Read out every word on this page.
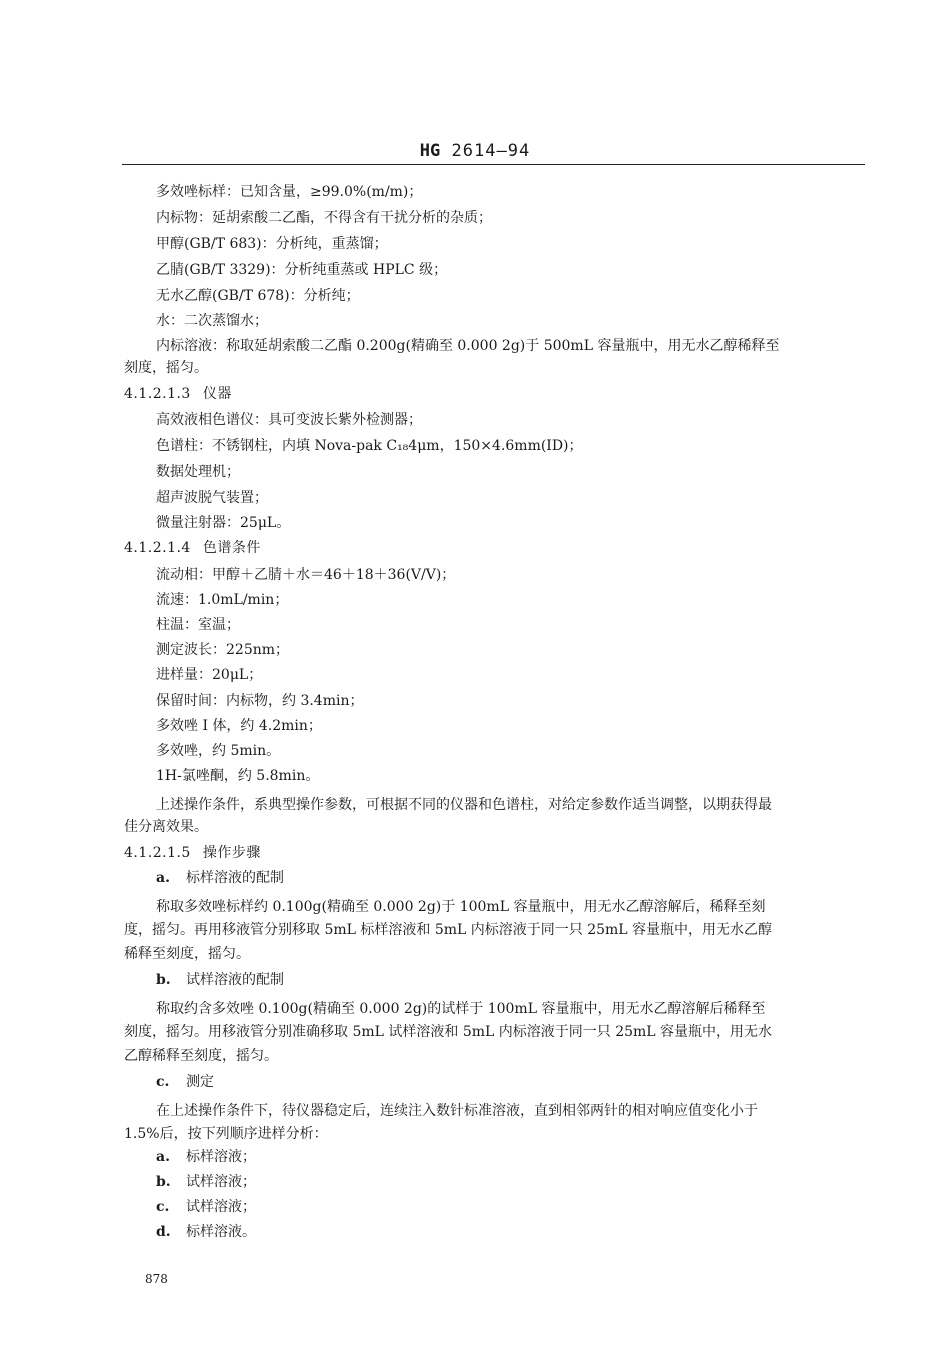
HG 2614—94
多效唑标样：已知含量，≥99.0%(m/m)；
内标物：延胡索酸二乙酯，不得含有干扰分析的杂质；
甲醇(GB/T 683)：分析纯，重蒸馏；
乙腈(GB/T 3329)：分析纯重蒸或 HPLC 级；
无水乙醇(GB/T 678)：分析纯；
水：二次蒸馏水；
内标溶液：称取延胡索酸二乙酯 0.200g(精确至 0.000 2g)于 500mL 容量瓶中，用无水乙醇稀释至
刻度，摇匀。
4.1.2.1.3 仪器
高效液相色谱仪：具可变波长紫外检测器；
色谱柱：不锈钢柱，内填 Nova-pak C₁₈4μm，150×4.6mm(ID)；
数据处理机；
超声波脱气装置；
微量注射器：25μL。
4.1.2.1.4 色谱条件
流动相：甲醇＋乙腈＋水＝46＋18＋36(V/V)；
流速：1.0mL/min；
柱温：室温；
测定波长：225nm；
进样量：20μL；
保留时间：内标物，约 3.4min；
多效唑 Ⅰ 体，约 4.2min；
多效唑，约 5min。
1H-氯唑酮，约 5.8min。
上述操作条件，系典型操作参数，可根据不同的仪器和色谱柱，对给定参数作适当调整，以期获得最
佳分离效果。
4.1.2.1.5 操作步骤
a. 标样溶液的配制
称取多效唑标样约 0.100g(精确至 0.000 2g)于 100mL 容量瓶中，用无水乙醇溶解后，稀释至刻
度，摇匀。再用移液管分别移取 5mL 标样溶液和 5mL 内标溶液于同一只 25mL 容量瓶中，用无水乙醇
稀释至刻度，摇匀。
b. 试样溶液的配制
称取约含多效唑 0.100g(精确至 0.000 2g)的试样于 100mL 容量瓶中，用无水乙醇溶解后稀释至
刻度，摇匀。用移液管分别准确移取 5mL 试样溶液和 5mL 内标溶液于同一只 25mL 容量瓶中，用无水
乙醇稀释至刻度，摇匀。
c. 测定
在上述操作条件下，待仪器稳定后，连续注入数针标准溶液，直到相邻两针的相对响应值变化小于
1.5%后，按下列顺序进样分析：
a. 标样溶液；
b. 试样溶液；
c. 试样溶液；
d. 标样溶液。
878
